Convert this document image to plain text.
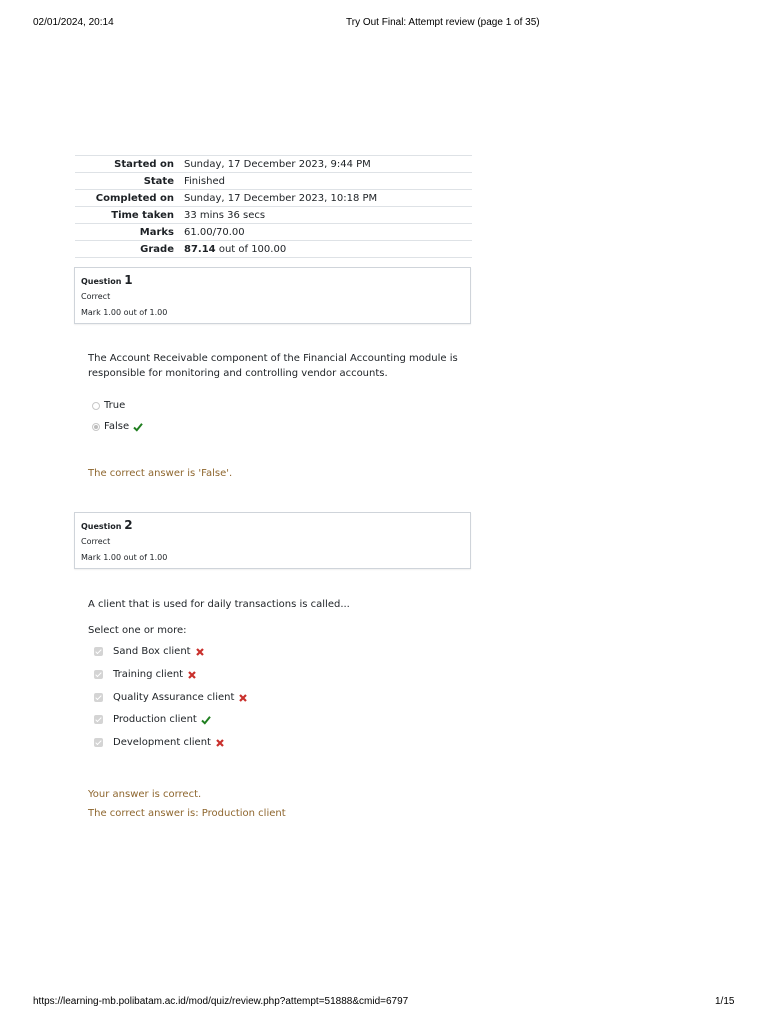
02/01/2024, 20:14	Try Out Final: Attempt review (page 1 of 35)
Started on	Sunday, 17 December 2023, 9:44 PM
State	Finished
Completed on	Sunday, 17 December 2023, 10:18 PM
Time taken	33 mins 36 secs
Marks	61.00/70.00
Grade	87.14 out of 100.00
Question 1
Correct
Mark 1.00 out of 1.00
The Account Receivable component of the Financial Accounting module is
responsible for monitoring and controlling vendor accounts.
True
False
The correct answer is 'False'.
Question 2
Correct
Mark 1.00 out of 1.00
A client that is used for daily transactions is called...
Select one or more:
Sand Box client
Training client
Quality Assurance client
Production client
Development client
Your answer is correct.
The correct answer is: Production client
https://learning-mb.polibatam.ac.id/mod/quiz/review.php?attempt=51888&cmid=6797	1/15
